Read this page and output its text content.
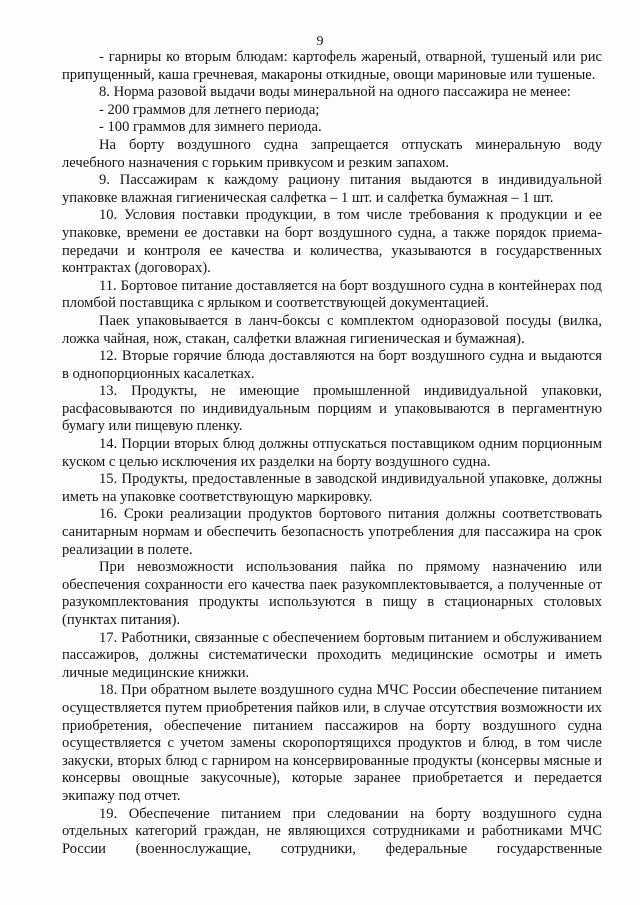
9

- гарниры ко вторым блюдам: картофель жареный, отварной, тушеный или рис припущенный, каша гречневая, макароны откидные, овощи мариновые или тушеные.

8. Норма разовой выдачи воды минеральной на одного пассажира не менее:

- 200 граммов для летнего периода;

- 100 граммов для зимнего периода.

На борту воздушного судна запрещается отпускать минеральную воду лечебного назначения с горьким привкусом и резким запахом.

9. Пассажирам к каждому рациону питания выдаются в индивидуальной упаковке влажная гигиеническая салфетка – 1 шт. и салфетка бумажная – 1 шт.

10. Условия поставки продукции, в том числе требования к продукции и ее упаковке, времени ее доставки на борт воздушного судна, а также порядок приема-передачи и контроля ее качества и количества, указываются в государственных контрактах (договорах).

11. Бортовое питание доставляется на борт воздушного судна в контейнерах под пломбой поставщика с ярлыком и соответствующей документацией.

Паек упаковывается в ланч-боксы с комплектом одноразовой посуды (вилка, ложка чайная, нож, стакан, салфетки влажная гигиеническая и бумажная).

12. Вторые горячие блюда доставляются на борт воздушного судна и выдаются в однопорционных касалетках.

13. Продукты, не имеющие промышленной индивидуальной упаковки, расфасовываются по индивидуальным порциям и упаковываются в пергаментную бумагу или пищевую пленку.

14. Порции вторых блюд должны отпускаться поставщиком одним порционным куском с целью исключения их разделки на борту воздушного судна.

15. Продукты, предоставленные в заводской индивидуальной упаковке, должны иметь на упаковке соответствующую маркировку.

16. Сроки реализации продуктов бортового питания должны соответствовать санитарным нормам и обеспечить безопасность употребления для пассажира на срок реализации в полете.

При невозможности использования пайка по прямому назначению или обеспечения сохранности его качества паек разукомплектовывается, а полученные от разукомплектования продукты используются в пищу в стационарных столовых (пунктах питания).

17. Работники, связанные с обеспечением бортовым питанием и обслуживанием пассажиров, должны систематически проходить медицинские осмотры и иметь личные медицинские книжки.

18. При обратном вылете воздушного судна МЧС России обеспечение питанием осуществляется путем приобретения пайков или, в случае отсутствия возможности их приобретения, обеспечение питанием пассажиров на борту воздушного судна осуществляется с учетом замены скоропортящихся продуктов и блюд, в том числе закуски, вторых блюд с гарниром на консервированные продукты (консервы мясные и консервы овощные закусочные), которые заранее приобретается и передается экипажу под отчет.

19. Обеспечение питанием при следовании на борту воздушного судна отдельных категорий граждан, не являющихся сотрудниками и работниками МЧС России (военнослужащие, сотрудники, федеральные государственные
